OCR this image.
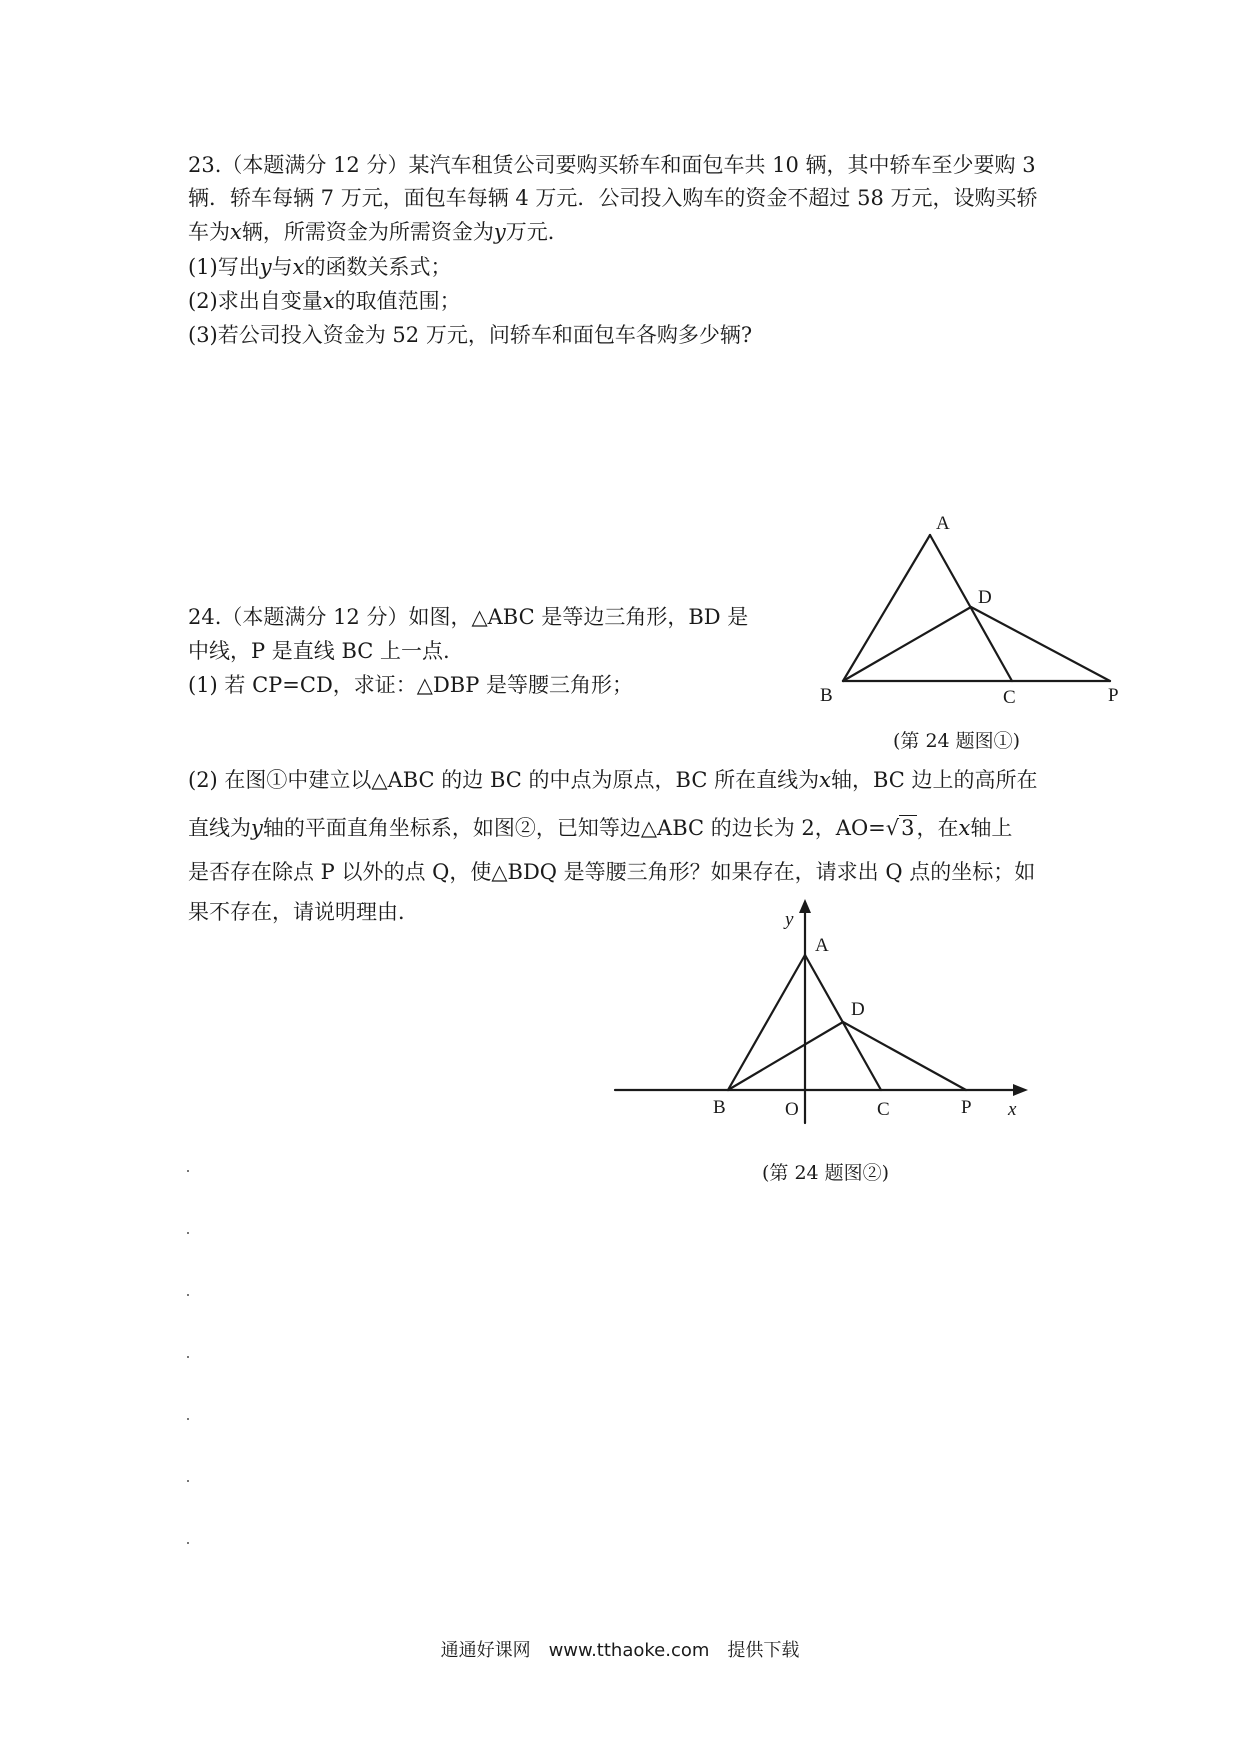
23.（本题满分 12 分）某汽车租赁公司要购买轿车和面包车共 10 辆，其中轿车至少要购 3
辆．轿车每辆 7 万元，面包车每辆 4 万元．公司投入购车的资金不超过 58 万元，设购买轿
车为x辆，所需资金为所需资金为y万元．
(1)写出y与x的函数关系式；
(2)求出自变量x的取值范围；
(3)若公司投入资金为 52 万元，问轿车和面包车各购多少辆?
24.（本题满分 12 分）如图，△ABC 是等边三角形，BD 是
中线，P 是直线 BC 上一点.
(1) 若 CP=CD，求证：△DBP 是等腰三角形；
A
D
B	C	P
(第 24 题图①)
(2) 在图①中建立以△ABC 的边 BC 的中点为原点，BC 所在直线为x轴，BC 边上的高所在
直线为y轴的平面直角坐标系，如图②，已知等边△ABC 的边长为 2，AO=√3，在x轴上
是否存在除点 P 以外的点 Q，使△BDQ 是等腰三角形？如果存在，请求出 Q 点的坐标；如
果不存在，请说明理由．	y
A
D
B	O	C	P x
(第 24 题图②)
通通好课网　www.tthaoke.com　提供下载
